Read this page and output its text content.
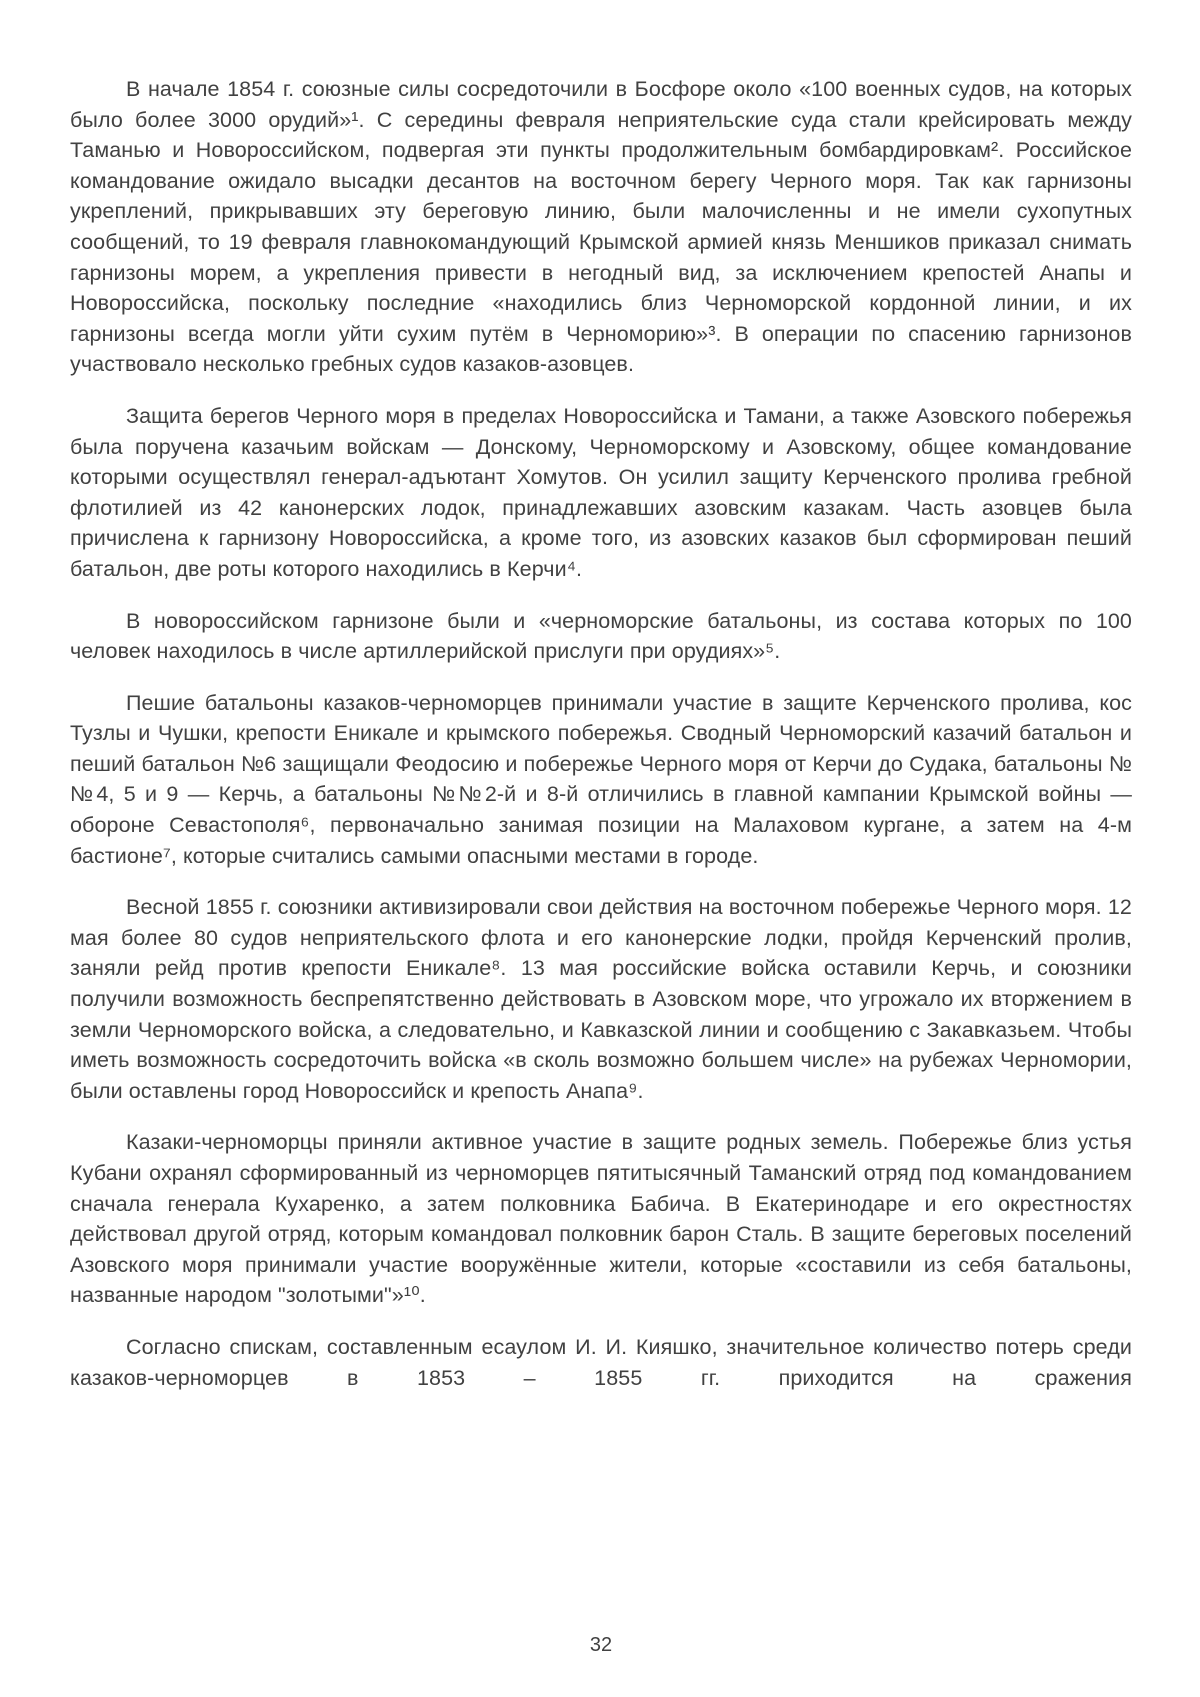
В начале 1854 г. союзные силы сосредоточили в Босфоре около «100 военных судов, на которых было более 3000 орудий»¹. С середины февраля неприятельские суда стали крейсировать между Таманью и Новороссийском, подвергая эти пункты продолжительным бомбардировкам². Российское командование ожидало высадки десантов на восточном берегу Черного моря. Так как гарнизоны укреплений, прикрывавших эту береговую линию, были малочисленны и не имели сухопутных сообщений, то 19 февраля главнокомандующий Крымской армией князь Меншиков приказал снимать гарнизоны морем, а укрепления привести в негодный вид, за исключением крепостей Анапы и Новороссийска, поскольку последние «находились близ Черноморской кордонной линии, и их гарнизоны всегда могли уйти сухим путём в Черноморию»³. В операции по спасению гарнизонов участвовало несколько гребных судов казаков-азовцев.

Защита берегов Черного моря в пределах Новороссийска и Тамани, а также Азовского побережья была поручена казачьим войскам — Донскому, Черноморскому и Азовскому, общее командование которыми осуществлял генерал-адъютант Хомутов. Он усилил защиту Керченского пролива гребной флотилией из 42 канонерских лодок, принадлежавших азовским казакам. Часть азовцев была причислена к гарнизону Новороссийска, а кроме того, из азовских казаков был сформирован пеший батальон, две роты которого находились в Керчи⁴.

В новороссийском гарнизоне были и «черноморские батальоны, из состава которых по 100 человек находилось в числе артиллерийской прислуги при орудиях»⁵.

Пешие батальоны казаков-черноморцев принимали участие в защите Керченского пролива, кос Тузлы и Чушки, крепости Еникале и крымского побережья. Сводный Черноморский казачий батальон и пеший батальон №6 защищали Феодосию и побережье Черного моря от Керчи до Судака, батальоны №№4, 5 и 9 — Керчь, а батальоны №№2-й и 8-й отличились в главной кампании Крымской войны — обороне Севастополя⁶, первоначально занимая позиции на Малаховом кургане, а затем на 4-м бастионе⁷, которые считались самыми опасными местами в городе.

Весной 1855 г. союзники активизировали свои действия на восточном побережье Черного моря. 12 мая более 80 судов неприятельского флота и его канонерские лодки, пройдя Керченский пролив, заняли рейд против крепости Еникале⁸. 13 мая российские войска оставили Керчь, и союзники получили возможность беспрепятственно действовать в Азовском море, что угрожало их вторжением в земли Черноморского войска, а следовательно, и Кавказской линии и сообщению с Закавказьем. Чтобы иметь возможность сосредоточить войска «в сколь возможно большем числе» на рубежах Черномории, были оставлены город Новороссийск и крепость Анапа⁹.

Казаки-черноморцы приняли активное участие в защите родных земель. Побережье близ устья Кубани охранял сформированный из черноморцев пятитысячный Таманский отряд под командованием сначала генерала Кухаренко, а затем полковника Бабича. В Екатеринодаре и его окрестностях действовал другой отряд, которым командовал полковник барон Сталь. В защите береговых поселений Азовского моря принимали участие вооружённые жители, которые «составили из себя батальоны, названные народом "золотыми"»¹⁰.

Согласно спискам, составленным есаулом И. И. Кияшко, значительное количество потерь среди казаков-черноморцев в 1853 – 1855 гг. приходится на сражения

32
